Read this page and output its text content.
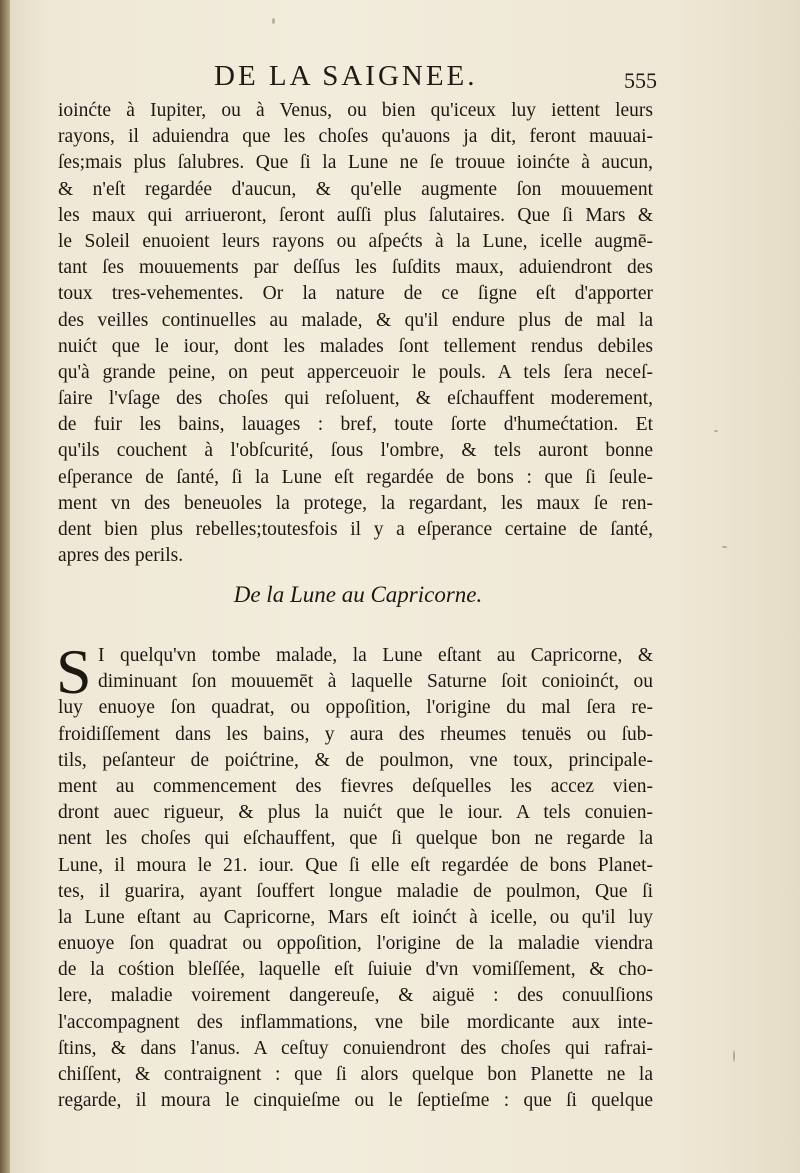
DE LA SAIGNEE.	555
ioinćte à Iupiter, ou à Venus, ou bien qu'iceux luy iettent leurs
rayons, il aduiendra que les choſes qu'auons ja dit, feront mauuai-
ſes;mais plus ſalubres. Que ſi la Lune ne ſe trouue ioinćte à aucun,
& n'eſt regardée d'aucun, & qu'elle augmente ſon mouuement
les maux qui arriueront, ſeront auſſi plus ſalutaires. Que ſi Mars &
le Soleil enuoient leurs rayons ou aſpećts à la Lune, icelle augmē-
tant ſes mouuements par deſſus les ſuſdits maux, aduiendront des
toux tres-vehementes. Or la nature de ce ſigne eſt d'apporter
des veilles continuelles au malade, & qu'il endure plus de mal la
nuićt que le iour, dont les malades ſont tellement rendus debiles
qu'à grande peine, on peut apperceuoir le pouls. A tels ſera neceſ-
ſaire l'vſage des choſes qui reſoluent, & eſchauffent moderement,
de fuir les bains, lauages : bref, toute ſorte d'humećtation. Et
qu'ils couchent à l'obſcurité, ſous l'ombre, & tels auront bonne
eſperance de ſanté, ſi la Lune eſt regardée de bons : que ſi ſeule-
ment vn des beneuoles la protege, la regardant, les maux ſe ren-
dent bien plus rebelles;toutesfois il y a eſperance certaine de ſanté,
apres des perils.
De la Lune au Capricorne.
S I quelqu'vn tombe malade, la Lune eſtant au Capricorne, &
diminuant ſon mouuemēt à laquelle Saturne ſoit conioinćt, ou
luy enuoye ſon quadrat, ou oppoſition, l'origine du mal ſera re-
froidiſſement dans les bains, y aura des rheumes tenuës ou ſub-
tils, peſanteur de poićtrine, & de poulmon, vne toux, principale-
ment au commencement des fievres deſquelles les accez vien-
dront auec rigueur, & plus la nuićt que le iour. A tels conuien-
nent les choſes qui eſchauffent, que ſi quelque bon ne regarde la
Lune, il moura le 21. iour. Que ſi elle eſt regardée de bons Planet-
tes, il guarira, ayant ſouffert longue maladie de poulmon, Que ſi
la Lune eſtant au Capricorne, Mars eſt ioinćt à icelle, ou qu'il luy
enuoye ſon quadrat ou oppoſition, l'origine de la maladie viendra
de la cośtion bleſſée, laquelle eſt ſuiuie d'vn vomiſſement, & cho-
lere, maladie voirement dangereuſe, & aiguë : des conuulſions
l'accompagnent des inflammations, vne bile mordicante aux inte-
ſtins, & dans l'anus. A ceſtuy conuiendront des choſes qui rafrai-
chiſſent, & contraignent : que ſi alors quelque bon Planette ne la
regarde, il moura le cinquieſme ou le ſeptieſme : que ſi quelque
